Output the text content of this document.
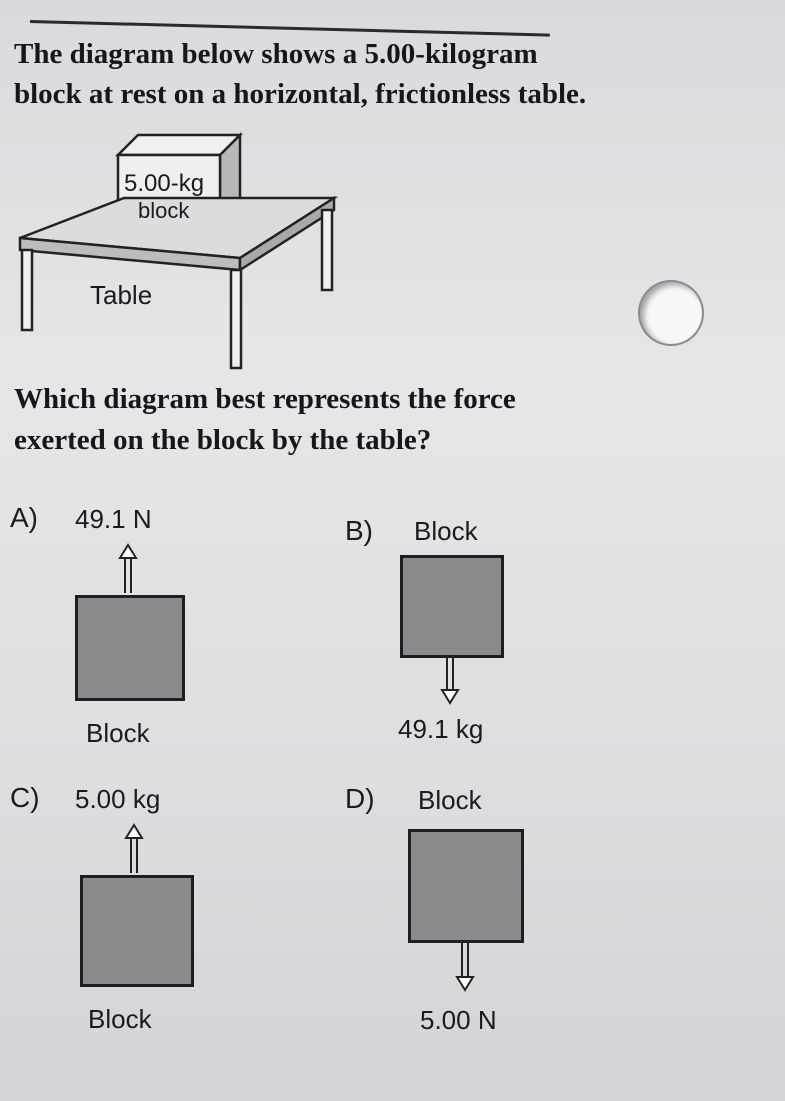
The diagram below shows a 5.00-kilogram
block at rest on a horizontal, frictionless table.
5.00-kg
block
Table
Which diagram best represents the force
exerted on the block by the table?
A) 49.1 N
Block
B) Block
49.1 kg
C) 5.00 kg
Block
D) Block
5.00 N
